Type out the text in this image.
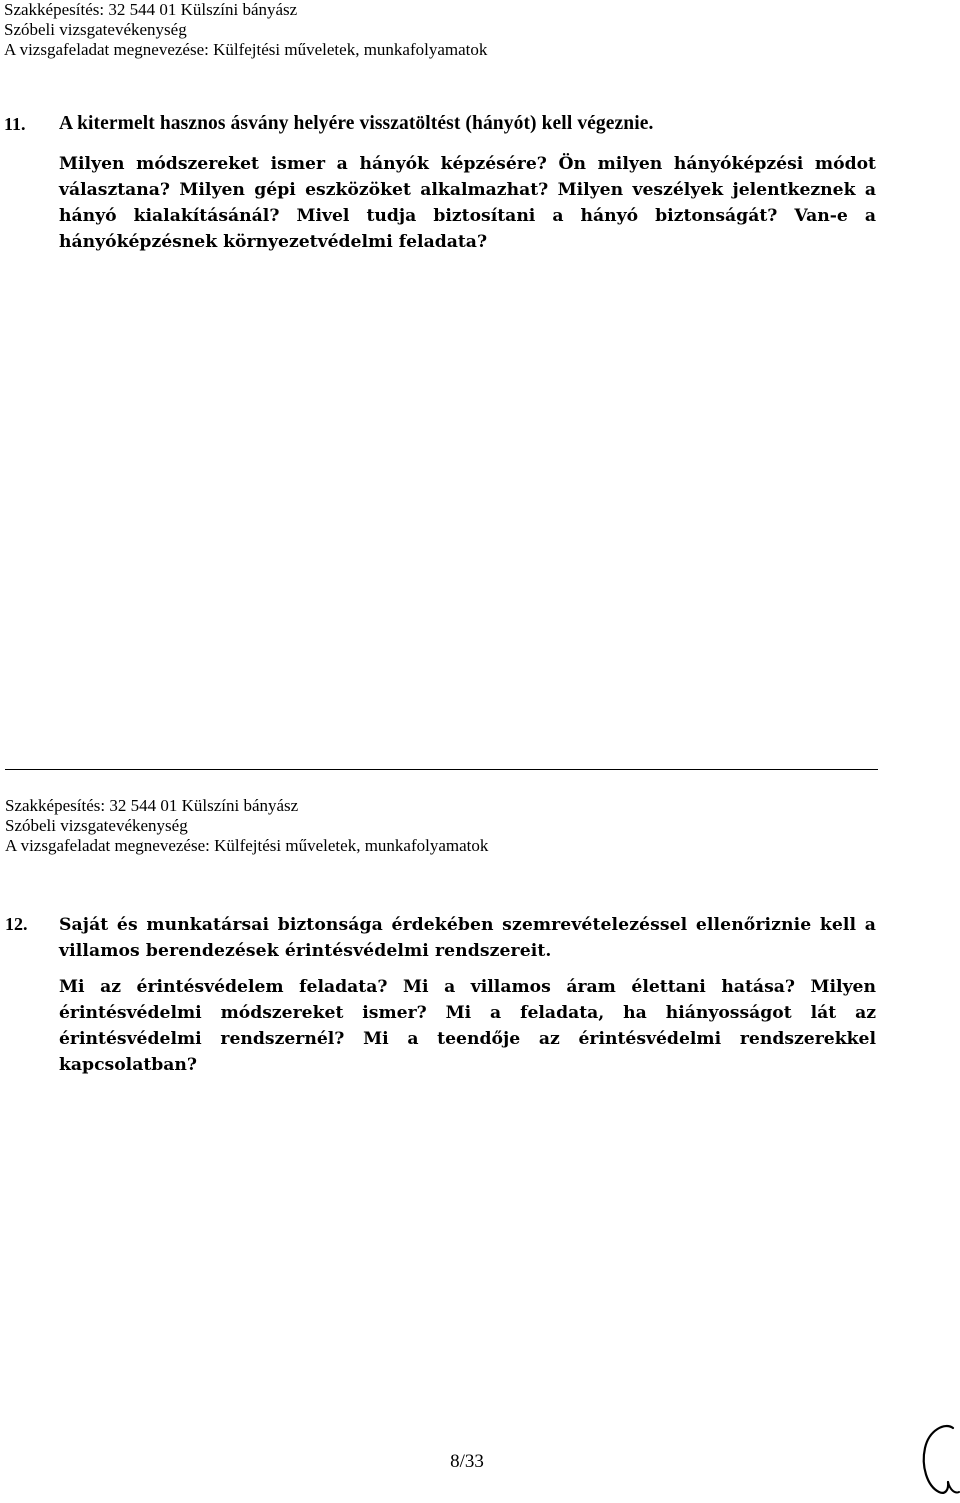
Szakképesítés: 32 544 01 Külszíni bányász
Szóbeli vizsgatevékenység
A vizsgafeladat megnevezése: Külfejtési műveletek, munkafolyamatok
11. A kitermelt hasznos ásvány helyére visszatöltést (hányót) kell végeznie.

Milyen módszereket ismer a hányók képzésére? Ön milyen hányóképzési módot választana? Milyen gépi eszközöket alkalmazhat? Milyen veszélyek jelentkeznek a hányó kialakításánál? Mivel tudja biztosítani a hányó biztonságát? Van-e a hányóképzésnek környezetvédelmi feladata?

Szakképesítés: 32 544 01 Külszíni bányász
Szóbeli vizsgatevékenység
A vizsgafeladat megnevezése: Külfejtési műveletek, munkafolyamatok
12. Saját és munkatársai biztonsága érdekében szemrevételezéssel ellenőriznie kell a villamos berendezések érintésvédelmi rendszereit.

Mi az érintésvédelem feladata? Mi a villamos áram élettani hatása? Milyen érintésvédelmi módszereket ismer? Mi a feladata, ha hiányosságot lát az érintésvédelmi rendszernél? Mi a teendője az érintésvédelmi rendszerekkel kapcsolatban?

8/33
